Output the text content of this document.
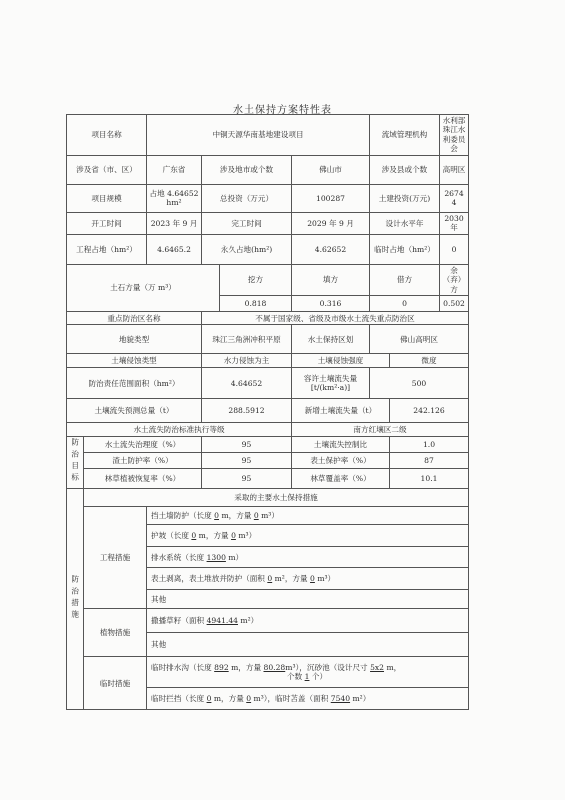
水土保持方案特性表
项目名称		中铜天源华南基地建设项目				流域管理机构		水利部珠江水利委员会
涉及省（市、区）		广东省	涉及地市或个数		佛山市	涉及县或个数		高明区
项目规模		占地 4.64652 hm²	总投资（万元）		100287	土建投资(万元)		26744
开工时间		2023 年 9 月	完工时间		2029 年 9 月	设计水平年		2030 年
工程占地（hm²）		4.6465.2	永久占地(hm²)		4.62652	临时占地（hm²）		0
土石方量（万 m³）				挖方	填方	借方		余（弃）方
				0.818	0.316	0		0.502
重点防治区名称			不属于国家级、省级及市级水土流失重点防治区					
地貌类型			珠江三角洲冲积平原		水土保持区划	佛山高明区		
土壤侵蚀类型			水力侵蚀为主		土壤侵蚀强度		微度	
防治责任范围面积（hm²）			4.64652		容许土壤流失量
[t/(km²·a)]	500		
土壤流失预测总量（t）			288.5912		新增土壤流失量（t）		242.126	
水土流失防治标准执行等级					南方红壤区二级			
防治目标	水土流失治理度（%）		95		土壤流失控制比		1.0	
	渣土防护率（%）		95		表土保护率（%）		87	
	林草植被恢复率（%）		95		林草覆盖率（%）		10.1	
防治措施	采取的主要水土保持措施							
	工程措施	挡土墙防护（长度 0 m，方量 0 m³）						
		护坡（长度 0 m，方量 0 m³）						
		排水系统（长度 1300 m）						
		表土剥离，表土堆放并防护（面积 0 m²，方量 0 m³）						
		其他						
	植物措施	撒播草籽（面积 4941.44 m²）						
		其他						
	临时措施	临时排水沟（长度 892 m，方量 80.28m³），沉砂池（设计尺寸 5x2 m，
个数 1 个）						
		临时拦挡（长度 0 m，方量 0 m³），临时苫盖（面积 7540 m²）						
